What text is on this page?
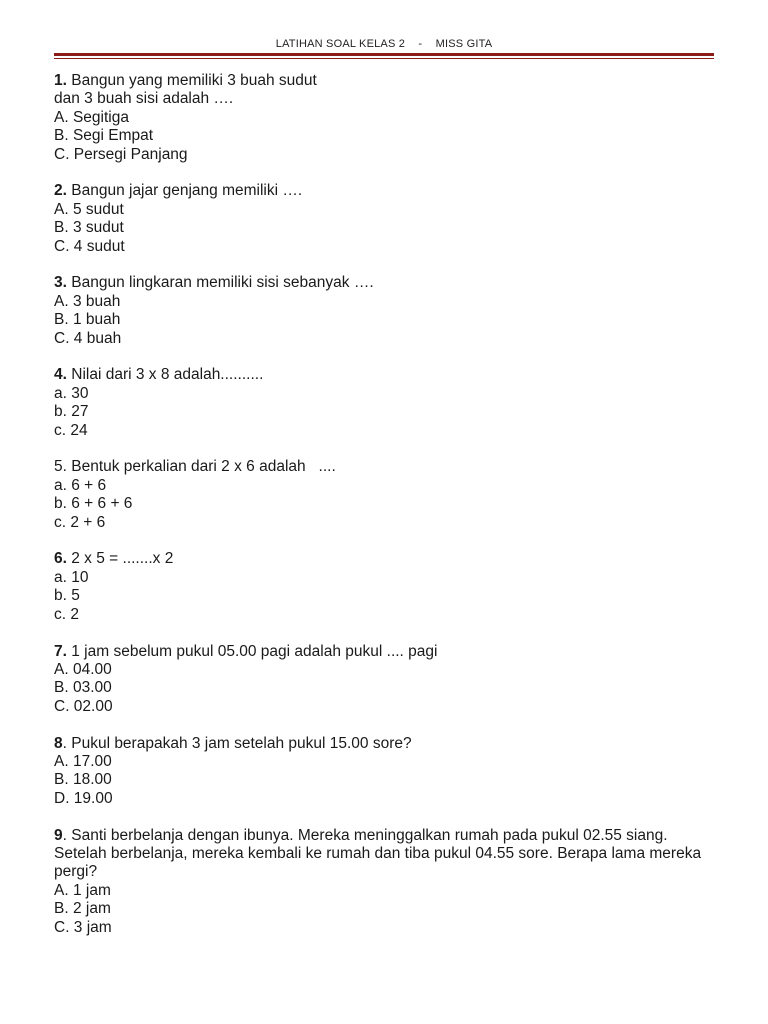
LATIHAN SOAL KELAS 2 - MISS GITA
1. Bangun yang memiliki 3 buah sudut
dan 3 buah sisi adalah ….
A. Segitiga
B. Segi Empat
C. Persegi Panjang
2. Bangun jajar genjang memiliki ….
A. 5 sudut
B. 3 sudut
C. 4 sudut
3. Bangun lingkaran memiliki sisi sebanyak ….
A. 3 buah
B. 1 buah
C. 4 buah
4. Nilai dari 3 x 8 adalah..........
a. 30
b. 27
c. 24
5. Bentuk perkalian dari 2 x 6 adalah   ....
a. 6 + 6
b. 6 + 6 + 6
c. 2 + 6
6. 2 x 5 = .......x 2
a. 10
b. 5
c. 2
7. 1 jam sebelum pukul 05.00 pagi adalah pukul .... pagi
A. 04.00
B. 03.00
C. 02.00
8. Pukul berapakah 3 jam setelah pukul 15.00 sore?
A. 17.00
B. 18.00
D. 19.00
9. Santi berbelanja dengan ibunya. Mereka meninggalkan rumah pada pukul 02.55 siang. Setelah berbelanja, mereka kembali ke rumah dan tiba pukul 04.55 sore. Berapa lama mereka pergi?
A. 1 jam
B. 2 jam
C. 3 jam
